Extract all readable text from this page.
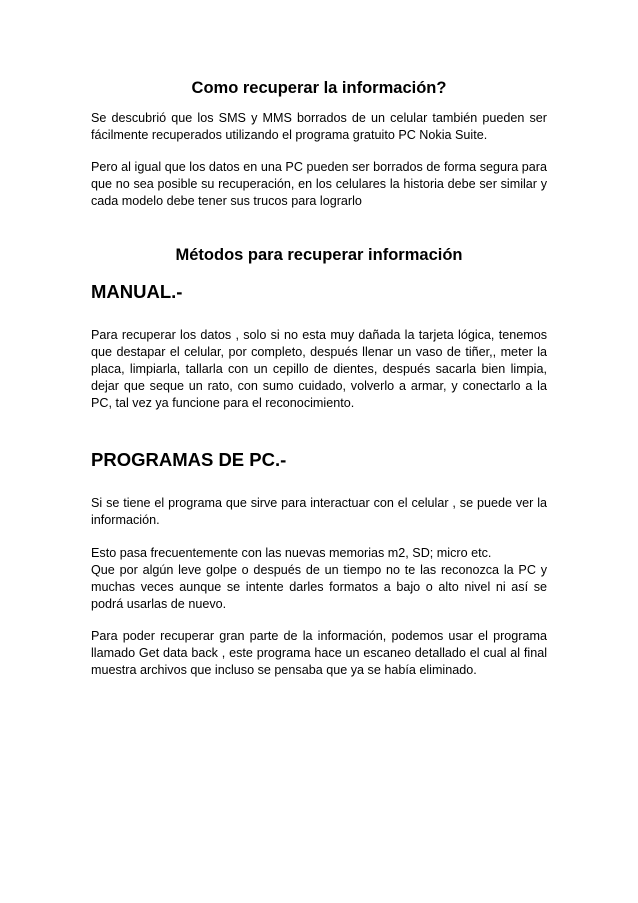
Como recuperar la información?

Se descubrió que los SMS y MMS borrados de un celular también pueden ser fácilmente recuperados utilizando el programa gratuito PC Nokia Suite.

Pero al igual que los datos en una PC pueden ser borrados de forma segura para que no sea posible su recuperación, en los celulares la historia debe ser similar y cada modelo debe tener sus trucos para lograrlo

Métodos para recuperar información
MANUAL.-

Para recuperar los datos , solo si no esta muy dañada la tarjeta lógica, tenemos que destapar el celular, por completo, después llenar un vaso de tiñer,, meter la placa, limpiarla, tallarla con un cepillo de dientes, después sacarla bien limpia, dejar que seque un rato, con sumo cuidado, volverlo a armar, y conectarlo a la PC, tal vez ya funcione para el reconocimiento.

PROGRAMAS DE PC.-

Si se tiene el programa que sirve para interactuar con el celular , se puede ver la información.

Esto pasa frecuentemente con las nuevas memorias m2, SD; micro etc.

Que por algún leve golpe o después de un tiempo no te las reconozca la PC y muchas veces aunque se intente darles formatos a bajo o alto nivel ni así se podrá usarlas de nuevo.

Para poder recuperar gran parte de la información, podemos usar el programa llamado Get data back , este programa hace un escaneo detallado el cual al final muestra archivos que incluso se pensaba que ya se había eliminado.
